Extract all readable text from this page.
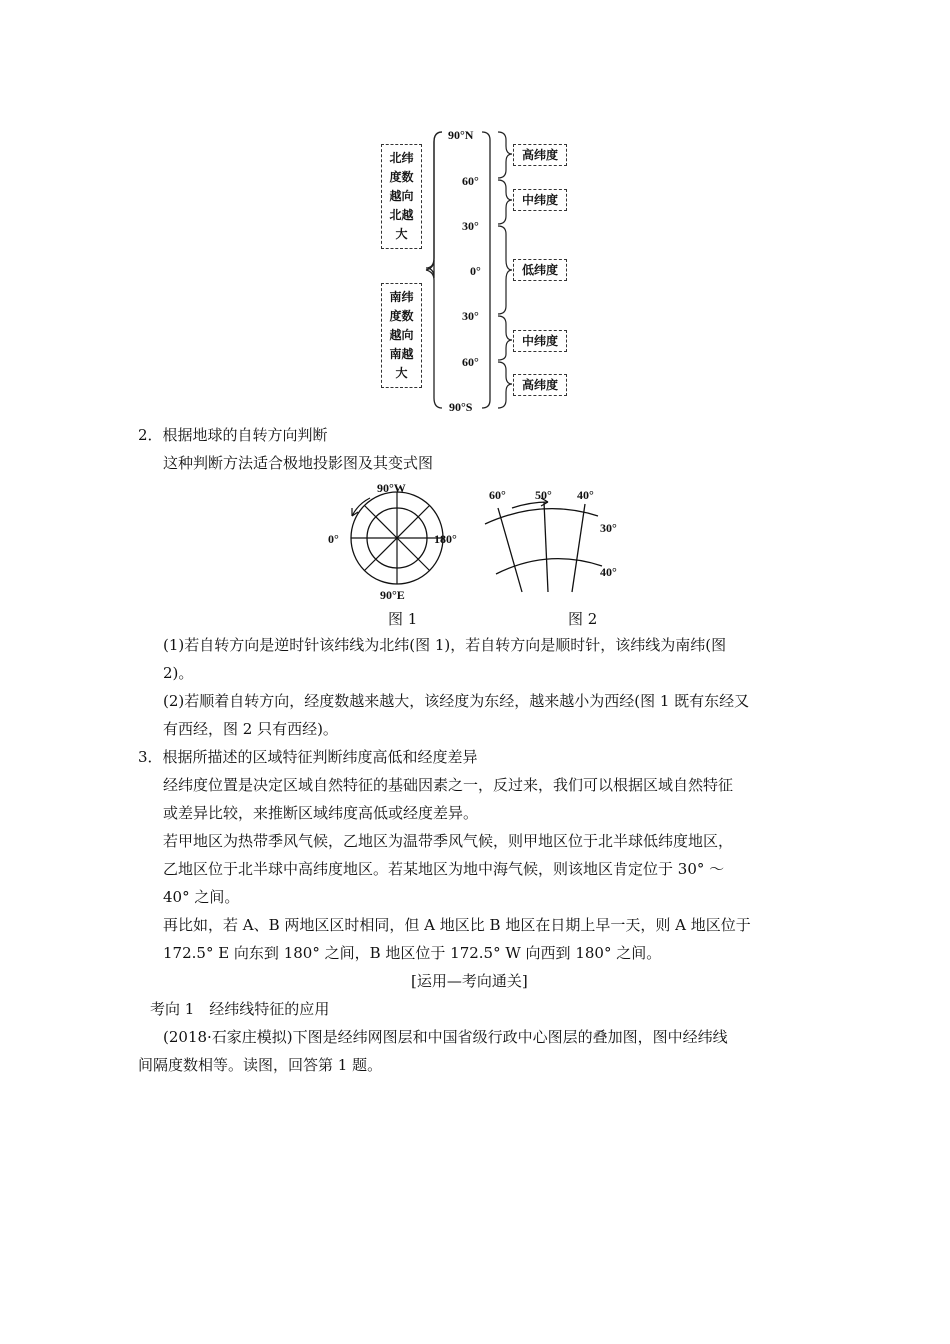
北纬
度数
越向
北越
大
南纬
度数
越向
南越
大
90°N
60°
30°
0°
30°
60°
90°S
高纬度
中纬度
低纬度
中纬度
高纬度
2．根据地球的自转方向判断
这种判断方法适合极地投影图及其变式图
90°W
0°	180°
90°E
图 1
60° 50° 40°
30°
40°
图 2
(1)若自转方向是逆时针该纬线为北纬(图 1)，若自转方向是顺时针，该纬线为南纬(图
2)。
(2)若顺着自转方向，经度数越来越大，该经度为东经，越来越小为西经(图 1 既有东经又
有西经，图 2 只有西经)。
3．根据所描述的区域特征判断纬度高低和经度差异
经纬度位置是决定区域自然特征的基础因素之一，反过来，我们可以根据区域自然特征
或差异比较，来推断区域纬度高低或经度差异。
若甲地区为热带季风气候，乙地区为温带季风气候，则甲地区位于北半球低纬度地区，
乙地区位于北半球中高纬度地区。若某地区为地中海气候，则该地区肯定位于 30° ～
40° 之间。
再比如，若 A、B 两地区区时相同，但 A 地区比 B 地区在日期上早一天，则 A 地区位于
172.5° E 向东到 180° 之间，B 地区位于 172.5° W 向西到 180° 之间。
[运用—考向通关]
考向 1　经纬线特征的应用
(2018·石家庄模拟)下图是经纬网图层和中国省级行政中心图层的叠加图，图中经纬线
间隔度数相等。读图，回答第 1 题。
